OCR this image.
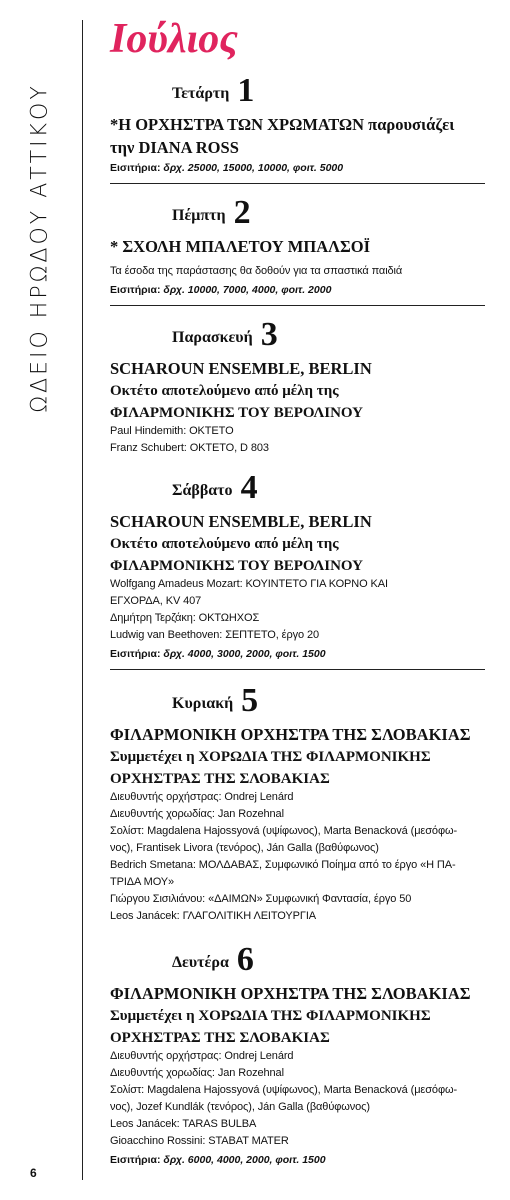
ΩΔΕΙΟ ΗΡΩΔΟΥ ΑΤΤΙΚΟΥ
6
Ιούλιος
Τετάρτη 1

*Η ΟΡΧΗΣΤΡΑ ΤΩΝ ΧΡΩΜΑΤΩΝ παρουσιάζει

την DIANA ROSS

Εισιτήρια: δρχ. 25000, 15000, 10000, φοιτ. 5000

Πέμπτη 2

* ΣΧΟΛΗ ΜΠΑΛΕΤΟΥ ΜΠΑΛΣΟΪ

Τα έσοδα της παράστασης θα δοθούν για τα σπαστικά παιδιά

Εισιτήρια: δρχ. 10000, 7000, 4000, φοιτ. 2000

Παρασκευή 3

SCHAROUN ENSEMBLE, BERLIN

Οκτέτο αποτελούμενο από μέλη της

ΦΙΛΑΡΜΟΝΙΚΗΣ ΤΟΥ ΒΕΡΟΛΙΝΟΥ

Paul Hindemith: ΟΚΤΕΤΟ

Franz Schubert: ΟΚΤΕΤΟ, D 803

Σάββατο 4

SCHAROUN ENSEMBLE, BERLIN

Οκτέτο αποτελούμενο από μέλη της

ΦΙΛΑΡΜΟΝΙΚΗΣ ΤΟΥ ΒΕΡΟΛΙΝΟΥ

Wolfgang Amadeus Mozart: ΚΟΥΙΝΤΕΤΟ ΓΙΑ ΚΟΡΝΟ ΚΑΙ

ΕΓΧΟΡΔΑ, KV 407

Δημήτρη Τερζάκη: ΟΚΤΩΗΧΟΣ

Ludwig van Beethoven: ΣΕΠΤΕΤΟ, έργο 20

Εισιτήρια: δρχ. 4000, 3000, 2000, φοιτ. 1500

Κυριακή 5

ΦΙΛΑΡΜΟΝΙΚΗ ΟΡΧΗΣΤΡΑ ΤΗΣ ΣΛΟΒΑΚΙΑΣ

Συμμετέχει η ΧΟΡΩΔΙΑ ΤΗΣ ΦΙΛΑΡΜΟΝΙΚΗΣ

ΟΡΧΗΣΤΡΑΣ ΤΗΣ ΣΛΟΒΑΚΙΑΣ

Διευθυντής ορχήστρας: Ondrej Lenárd

Διευθυντής χορωδίας: Jan Rozehnal

Σολίστ: Magdalena Hajossyová (υψίφωνος), Marta Benacková (μεσόφω-

νος), Frantisek Livora (τενόρος), Ján Galla (βαθύφωνος)

Bedrich Smetana: ΜΟΛΔΑΒΑΣ, Συμφωνικό Ποίημα από το έργο «Η ΠΑ-

ΤΡΙΔΑ ΜΟΥ»

Γιώργου Σισιλιάνου: «ΔΑΙΜΩΝ» Συμφωνική Φαντασία, έργο 50

Leos Janácek: ΓΛΑΓΟΛΙΤΙΚΗ ΛΕΙΤΟΥΡΓΙΑ

Δευτέρα 6

ΦΙΛΑΡΜΟΝΙΚΗ ΟΡΧΗΣΤΡΑ ΤΗΣ ΣΛΟΒΑΚΙΑΣ

Συμμετέχει η ΧΟΡΩΔΙΑ ΤΗΣ ΦΙΛΑΡΜΟΝΙΚΗΣ

ΟΡΧΗΣΤΡΑΣ ΤΗΣ ΣΛΟΒΑΚΙΑΣ

Διευθυντής ορχήστρας: Ondrej Lenárd

Διευθυντής χορωδίας: Jan Rozehnal

Σολίστ: Magdalena Hajossyová (υψίφωνος), Marta Benacková (μεσόφω-

νος), Jozef Kundlák (τενόρος), Ján Galla (βαθύφωνος)

Leos Janácek: TARAS BULBA

Gioacchino Rossini: STABAT MATER

Εισιτήρια: δρχ. 6000, 4000, 2000, φοιτ. 1500
